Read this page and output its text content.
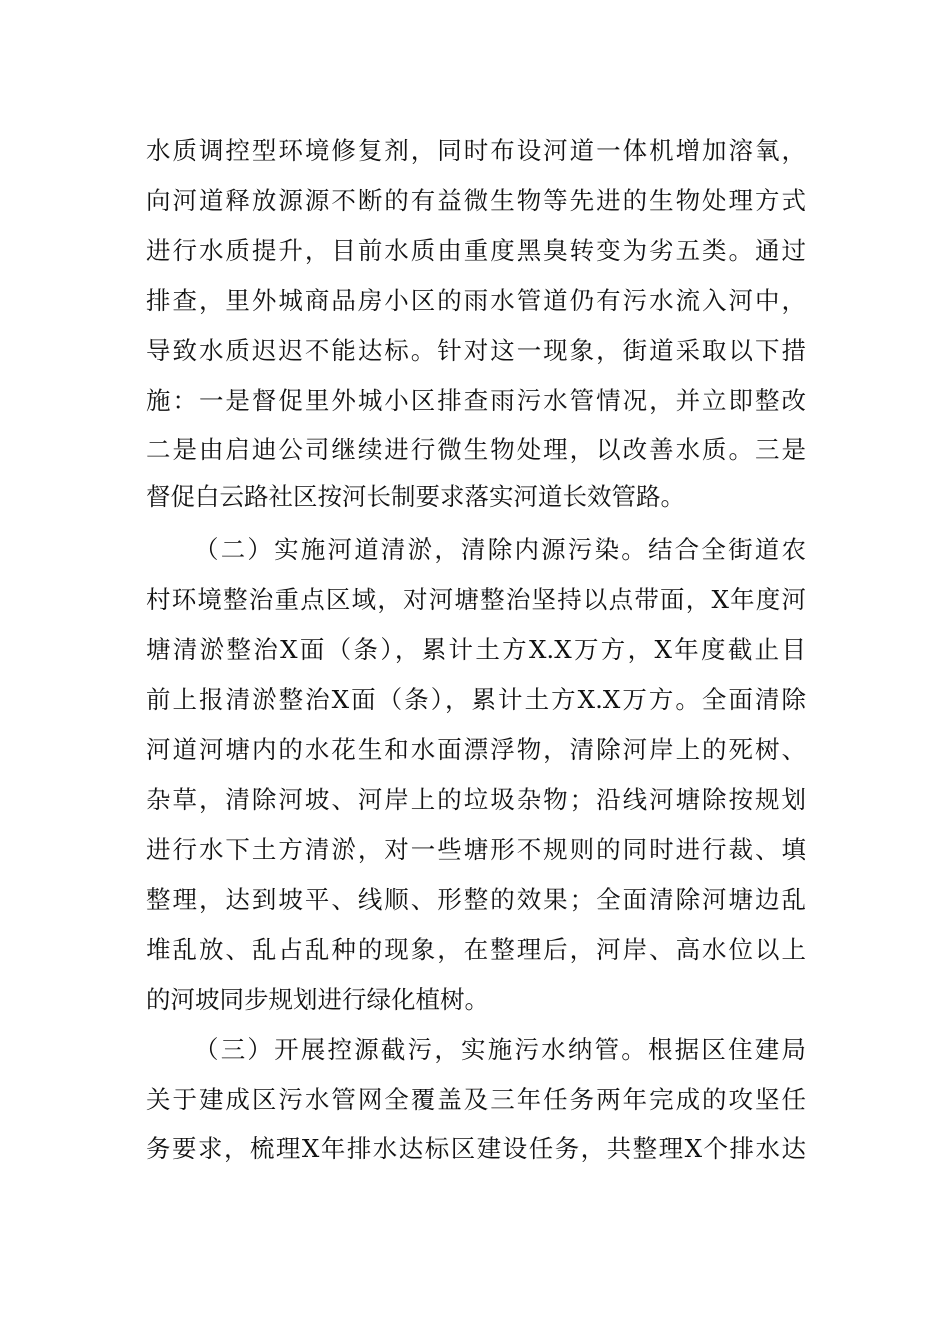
水质调控型环境修复剂，同时布设河道一体机增加溶氧，
向河道释放源源不断的有益微生物等先进的生物处理方式
进行水质提升，目前水质由重度黑臭转变为劣五类。通过
排查，里外城商品房小区的雨水管道仍有污水流入河中，
导致水质迟迟不能达标。针对这一现象，街道采取以下措
施：一是督促里外城小区排查雨污水管情况，并立即整改
二是由启迪公司继续进行微生物处理，以改善水质。三是
督促白云路社区按河长制要求落实河道长效管路。
（二）实施河道清淤，清除内源污染。结合全街道农
村环境整治重点区域，对河塘整治坚持以点带面，X年度河
塘清淤整治X面（条），累计土方X.X万方，X年度截止目
前上报清淤整治X面（条），累计土方X.X万方。全面清除
河道河塘内的水花生和水面漂浮物，清除河岸上的死树、
杂草，清除河坡、河岸上的垃圾杂物；沿线河塘除按规划
进行水下土方清淤，对一些塘形不规则的同时进行裁、填
整理，达到坡平、线顺、形整的效果；全面清除河塘边乱
堆乱放、乱占乱种的现象，在整理后，河岸、高水位以上
的河坡同步规划进行绿化植树。
（三）开展控源截污，实施污水纳管。根据区住建局
关于建成区污水管网全覆盖及三年任务两年完成的攻坚任
务要求，梳理X年排水达标区建设任务，共整理X个排水达
